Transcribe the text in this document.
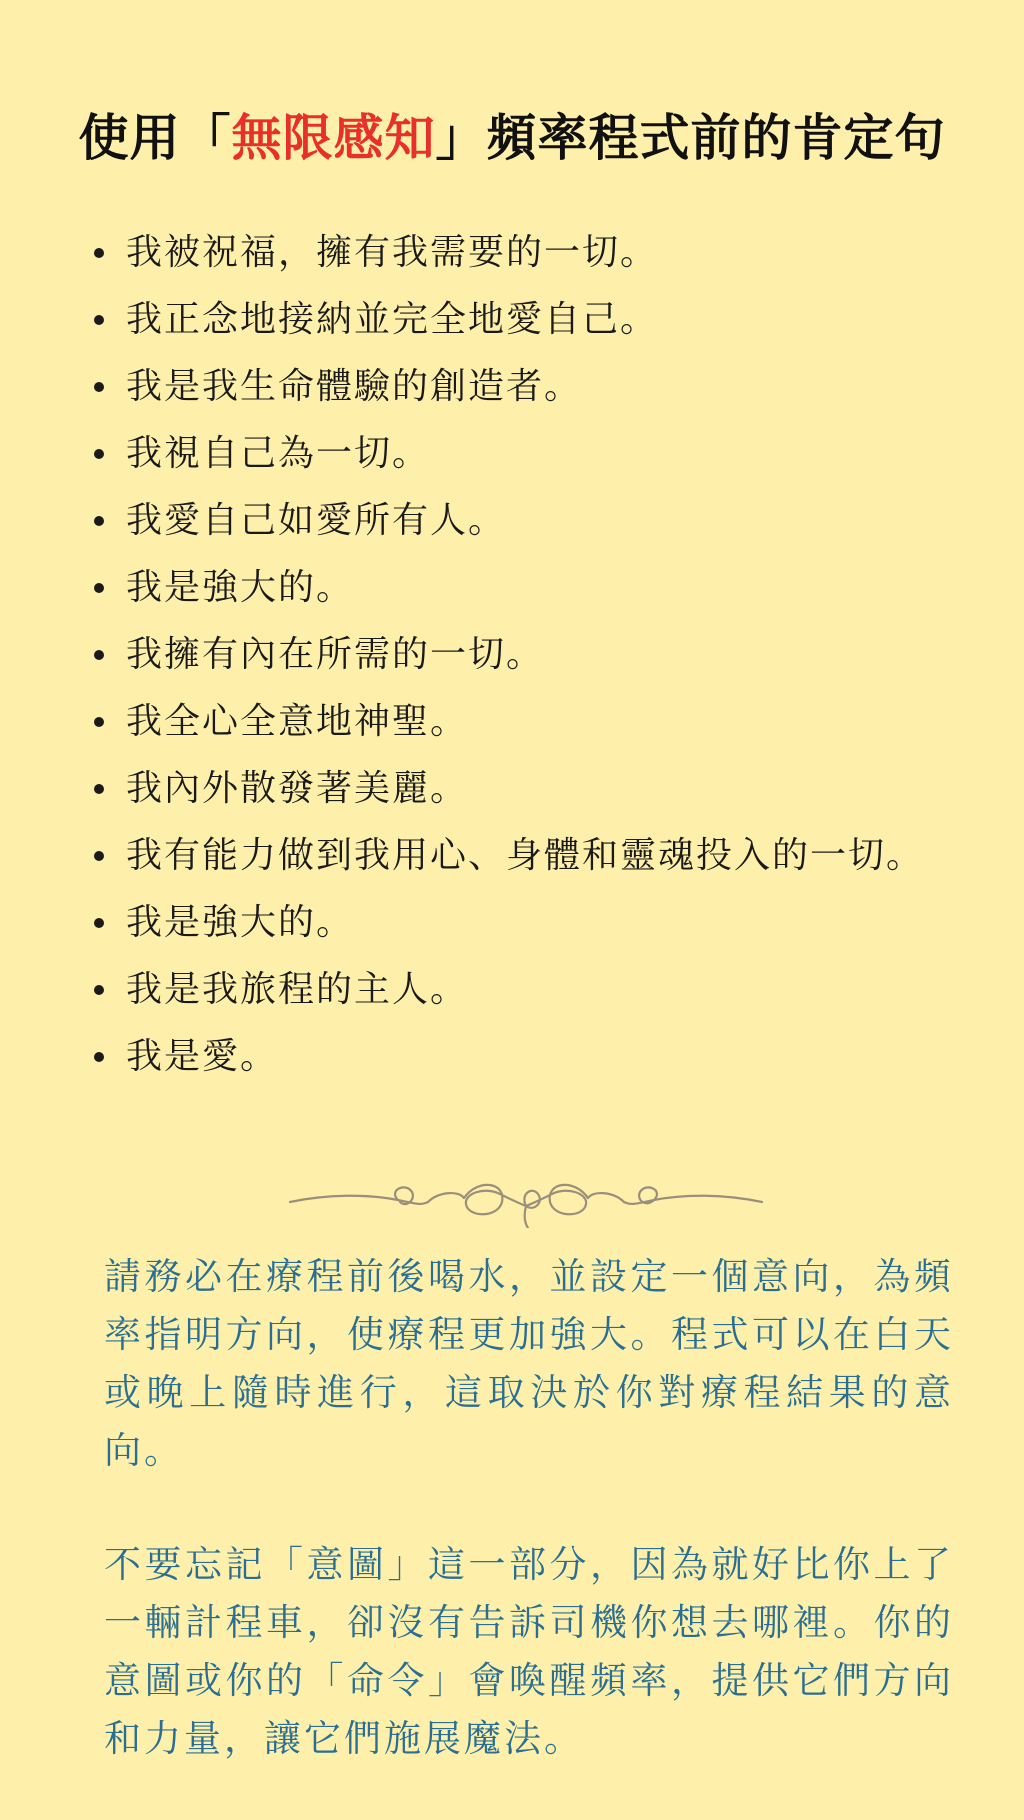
使用「無限感知」頻率程式前的肯定句
我被祝福，擁有我需要的一切。
我正念地接納並完全地愛自己。
我是我生命體驗的創造者。
我視自己為一切。
我愛自己如愛所有人。
我是強大的。
我擁有內在所需的一切。
我全心全意地神聖。
我內外散發著美麗。
我有能力做到我用心、身體和靈魂投入的一切。
我是強大的。
我是我旅程的主人。
我是愛。

請務必在療程前後喝水，並設定一個意向，為頻率指明方向，使療程更加強大。程式可以在白天或晚上隨時進行，這取決於你對療程結果的意向。

不要忘記「意圖」這一部分，因為就好比你上了一輛計程車，卻沒有告訴司機你想去哪裡。你的意圖或你的「命令」會喚醒頻率，提供它們方向和力量，讓它們施展魔法。
